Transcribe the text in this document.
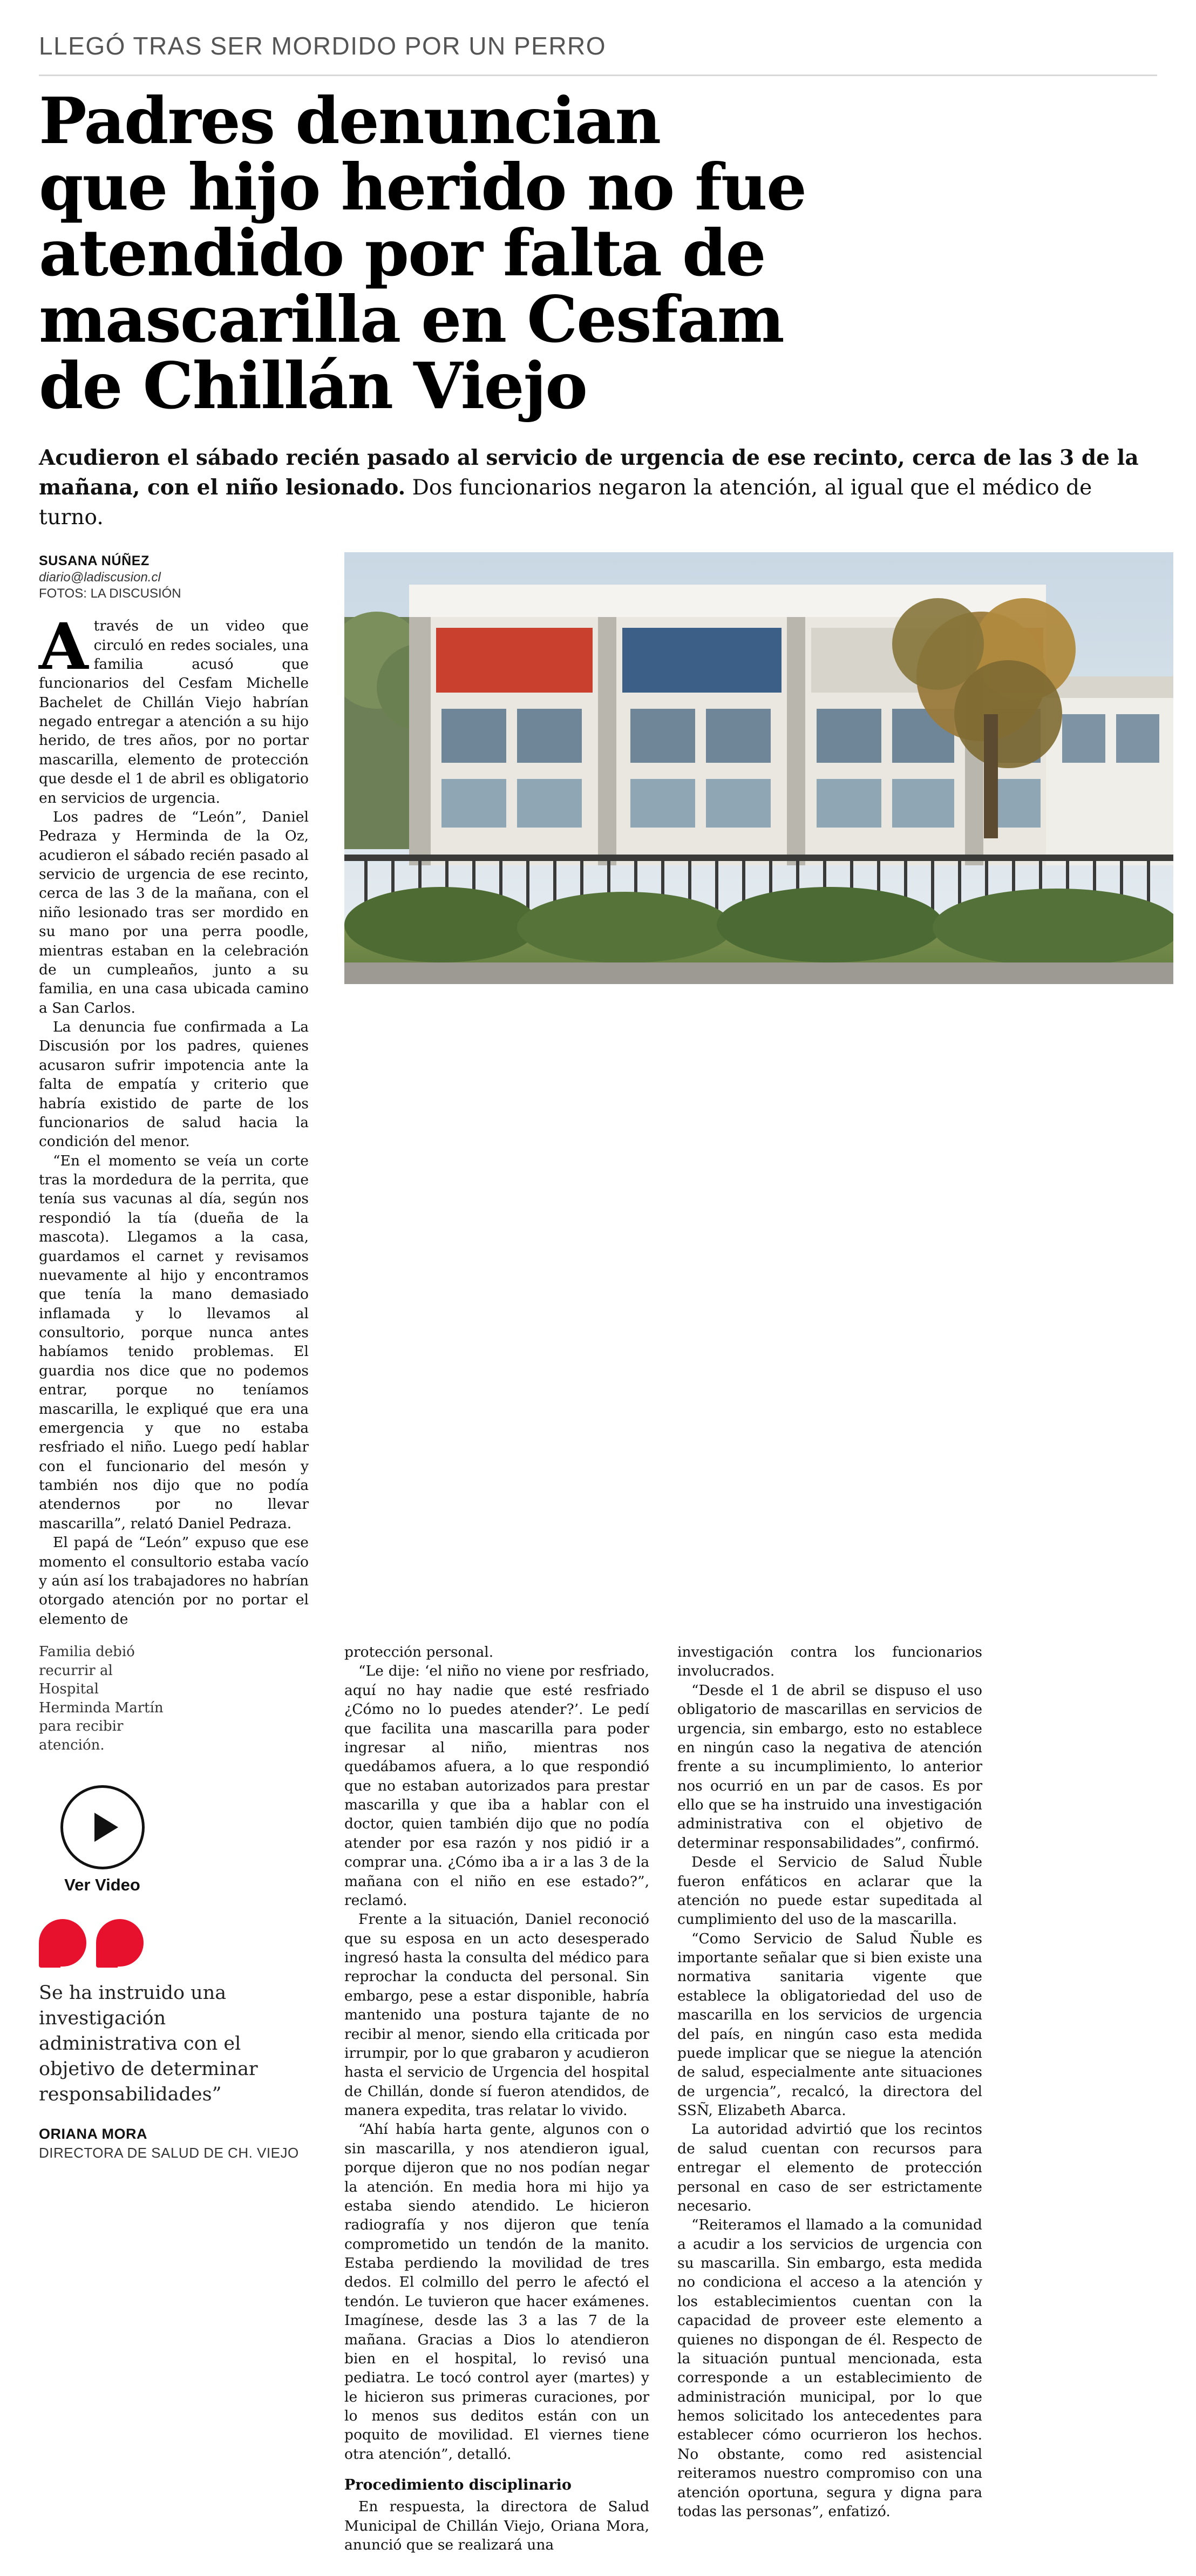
LLEGÓ TRAS SER MORDIDO POR UN PERRO
Padres denuncian
que hijo herido no fue
atendido por falta de
mascarilla en Cesfam
de Chillán Viejo

Acudieron el sábado recién pasado al servicio de urgencia de ese recinto, cerca de las 3 de la mañana, con el niño lesionado. Dos funcionarios negaron la atención, al igual que el médico de turno.

SUSANA NÚÑEZ
diario@ladiscusion.cl
FOTOS: LA DISCUSIÓN

Através de un video que circuló en redes sociales, una familia acusó que funcionarios del Cesfam Michelle Bachelet de Chillán Viejo habrían negado entregar a atención a su hijo herido, de tres años, por no portar mascarilla, elemento de protección que desde el 1 de abril es obligatorio en servicios de urgencia.

Los padres de “León”, Daniel Pedraza y Herminda de la Oz, acudieron el sábado recién pasado al servicio de urgencia de ese recinto, cerca de las 3 de la mañana, con el niño lesionado tras ser mordido en su mano por una perra poodle, mientras estaban en la celebración de un cumpleaños, junto a su familia, en una casa ubicada camino a San Carlos.

La denuncia fue confirmada a La Discusión por los padres, quienes acusaron sufrir impotencia ante la falta de empatía y criterio que habría existido de parte de los funcionarios de salud hacia la condición del menor.

“En el momento se veía un corte tras la mordedura de la perrita, que tenía sus vacunas al día, según nos respondió la tía (dueña de la mascota). Llegamos a la casa, guardamos el carnet y revisamos nuevamente al hijo y encontramos que tenía la mano demasiado inflamada y lo llevamos al consultorio, porque nunca antes habíamos tenido problemas. El guardia nos dice que no podemos entrar, porque no teníamos mascarilla, le expliqué que era una emergencia y que no estaba resfriado el niño. Luego pedí hablar con el funcionario del mesón y también nos dijo que no podía atendernos por no llevar mascarilla”, relató Daniel Pedraza.

El papá de “León” expuso que ese momento el consultorio estaba vacío y aún así los trabajadores no habrían otorgado atención por no portar el elemento de

Familia debió recurrir al Hospital Herminda Martín para recibir atención.
Ver Video
Se ha instruido una investigación administrativa con el objetivo de determinar responsabilidades”
ORIANA MORA
DIRECTORA DE SALUD DE CH. VIEJO

protección personal.

“Le dije: ‘el niño no viene por resfriado, aquí no hay nadie que esté resfriado ¿Cómo no lo puedes atender?’. Le pedí que facilita una mascarilla para poder ingresar al niño, mientras nos quedábamos afuera, a lo que respondió que no estaban autorizados para prestar mascarilla y que iba a hablar con el doctor, quien también dijo que no podía atender por esa razón y nos pidió ir a comprar una. ¿Cómo iba a ir a las 3 de la mañana con el niño en ese estado?”, reclamó.

Frente a la situación, Daniel reconoció que su esposa en un acto desesperado ingresó hasta la consulta del médico para reprochar la conducta del personal. Sin embargo, pese a estar disponible, habría mantenido una postura tajante de no recibir al menor, siendo ella criticada por irrumpir, por lo que grabaron y acudieron hasta el servicio de Urgencia del hospital de Chillán, donde sí fueron atendidos, de manera expedita, tras relatar lo vivido.

“Ahí había harta gente, algunos con o sin mascarilla, y nos atendieron igual, porque dijeron que no nos podían negar la atención. En media hora mi hijo ya estaba siendo atendido. Le hicieron radiografía y nos dijeron que tenía comprometido un tendón de la manito. Estaba perdiendo la movilidad de tres dedos. El colmillo del perro le afectó el tendón. Le tuvieron que hacer exámenes. Imagínese, desde las 3 a las 7 de la mañana. Gracias a Dios lo atendieron bien en el hospital, lo revisó una pediatra. Le tocó control ayer (martes) y le hicieron sus primeras curaciones, por lo menos sus deditos están con un poquito de movilidad. El viernes tiene otra atención”, detalló.

Procedimiento disciplinario

En respuesta, la directora de Salud Municipal de Chillán Viejo, Oriana Mora, anunció que se realizará una

investigación contra los funcionarios involucrados.

“Desde el 1 de abril se dispuso el uso obligatorio de mascarillas en servicios de urgencia, sin embargo, esto no establece en ningún caso la negativa de atención frente a su incumplimiento, lo anterior nos ocurrió en un par de casos. Es por ello que se ha instruido una investigación administrativa con el objetivo de determinar responsabilidades”, confirmó.

Desde el Servicio de Salud Ñuble fueron enfáticos en aclarar que la atención no puede estar supeditada al cumplimiento del uso de la mascarilla.

“Como Servicio de Salud Ñuble es importante señalar que si bien existe una normativa sanitaria vigente que establece la obligatoriedad del uso de mascarilla en los servicios de urgencia del país, en ningún caso esta medida puede implicar que se niegue la atención de salud, especialmente ante situaciones de urgencia”, recalcó, la directora del SSÑ, Elizabeth Abarca.

La autoridad advirtió que los recintos de salud cuentan con recursos para entregar el elemento de protección personal en caso de ser estrictamente necesario.

“Reiteramos el llamado a la comunidad a acudir a los servicios de urgencia con su mascarilla. Sin embargo, esta medida no condiciona el acceso a la atención y los establecimientos cuentan con la capacidad de proveer este elemento a quienes no dispongan de él. Respecto de la situación puntual mencionada, esta corresponde a un establecimiento de administración municipal, por lo que hemos solicitado los antecedentes para establecer cómo ocurrieron los hechos. No obstante, como red asistencial reiteramos nuestro compromiso con una atención oportuna, segura y digna para todas las personas”, enfatizó.
